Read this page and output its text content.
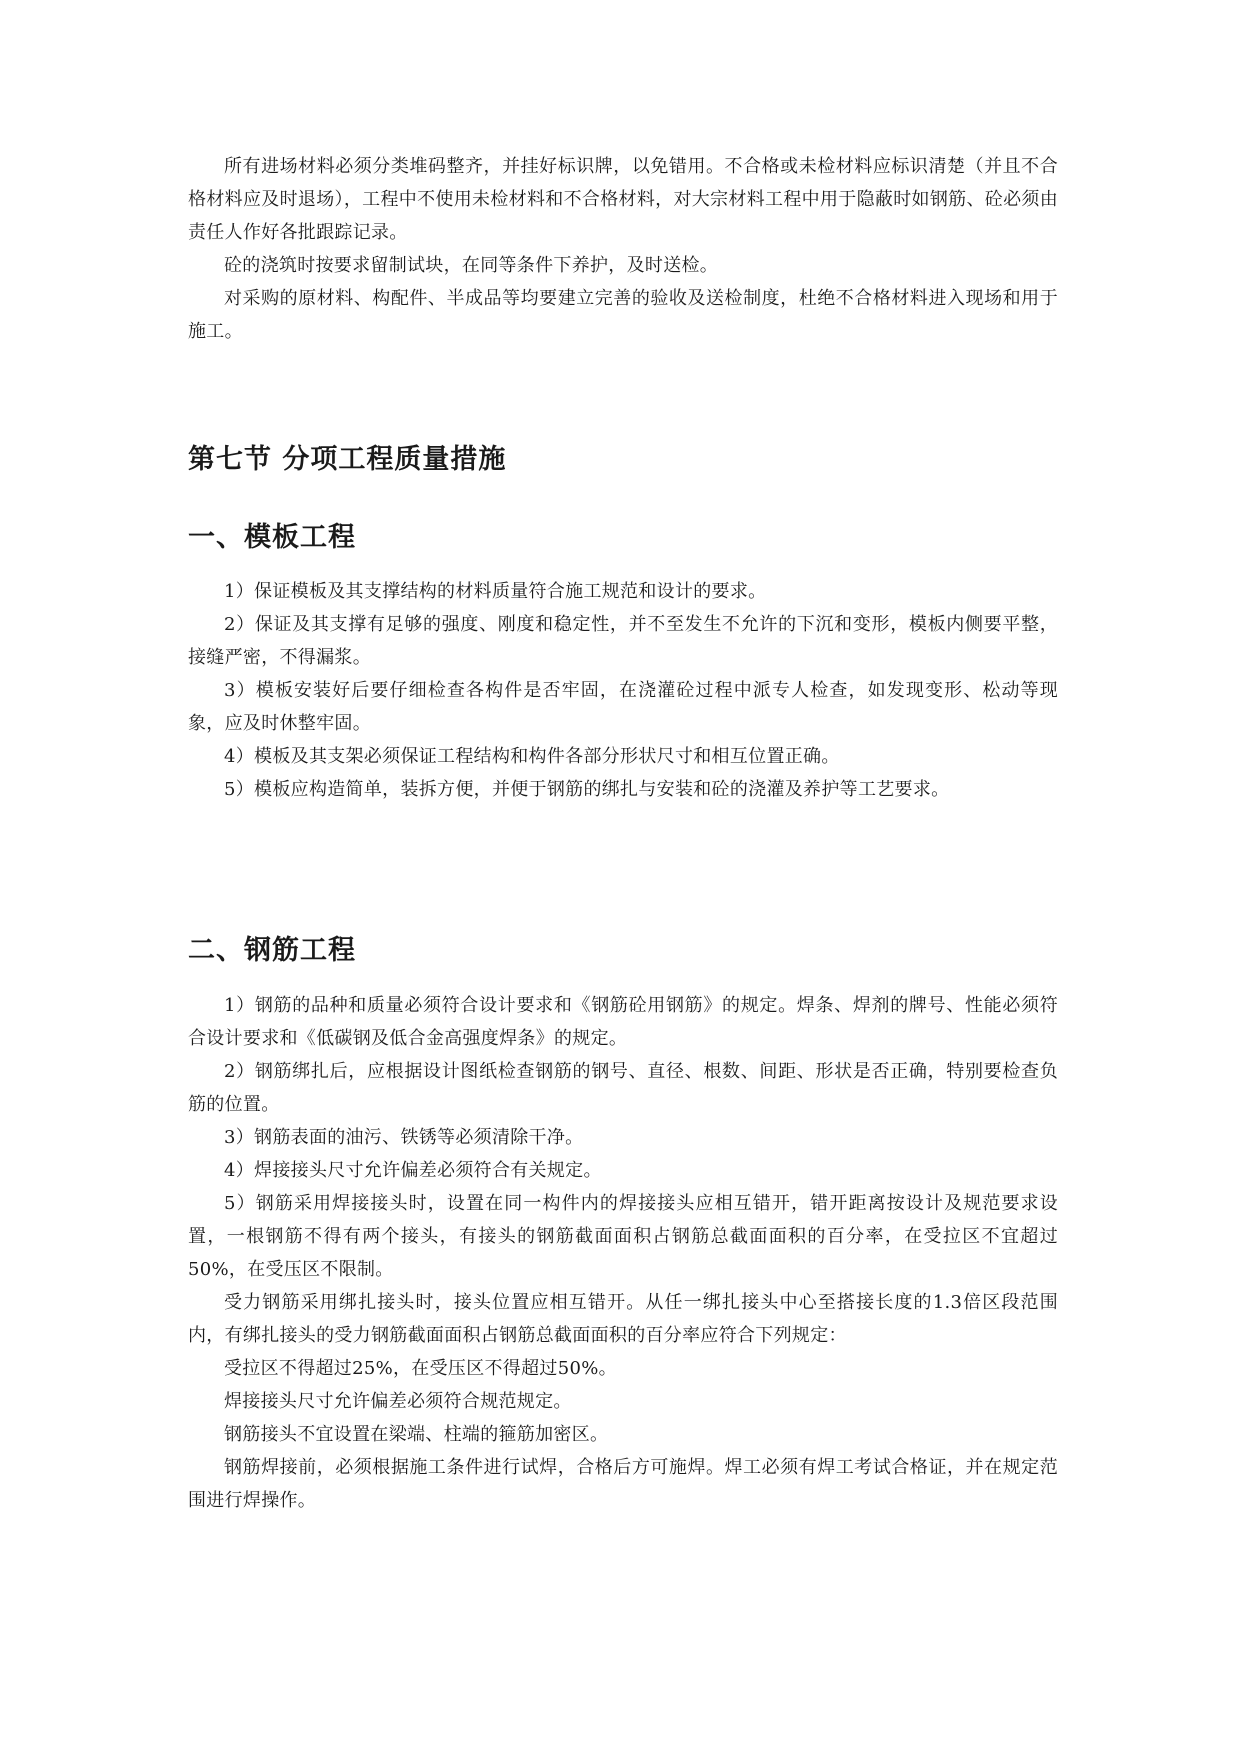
所有进场材料必须分类堆码整齐，并挂好标识牌，以免错用。不合格或未检材料应标识清楚（并且不合格材料应及时退场），工程中不使用未检材料和不合格材料，对大宗材料工程中用于隐蔽时如钢筋、砼必须由责任人作好各批跟踪记录。

砼的浇筑时按要求留制试块，在同等条件下养护，及时送检。

对采购的原材料、构配件、半成品等均要建立完善的验收及送检制度，杜绝不合格材料进入现场和用于施工。

第七节 分项工程质量措施
一、模板工程

1）保证模板及其支撑结构的材料质量符合施工规范和设计的要求。

2）保证及其支撑有足够的强度、刚度和稳定性，并不至发生不允许的下沉和变形，模板内侧要平整，接缝严密，不得漏浆。

3）模板安装好后要仔细检查各构件是否牢固，在浇灌砼过程中派专人检查，如发现变形、松动等现象，应及时休整牢固。

4）模板及其支架必须保证工程结构和构件各部分形状尺寸和相互位置正确。

5）模板应构造简单，装拆方便，并便于钢筋的绑扎与安装和砼的浇灌及养护等工艺要求。

二、钢筋工程

1）钢筋的品种和质量必须符合设计要求和《钢筋砼用钢筋》的规定。焊条、焊剂的牌号、性能必须符合设计要求和《低碳钢及低合金高强度焊条》的规定。

2）钢筋绑扎后，应根据设计图纸检查钢筋的钢号、直径、根数、间距、形状是否正确，特别要检查负筋的位置。

3）钢筋表面的油污、铁锈等必须清除干净。

4）焊接接头尺寸允许偏差必须符合有关规定。

5）钢筋采用焊接接头时，设置在同一构件内的焊接接头应相互错开，错开距离按设计及规范要求设置，一根钢筋不得有两个接头，有接头的钢筋截面面积占钢筋总截面面积的百分率，在受拉区不宜超过50%，在受压区不限制。

受力钢筋采用绑扎接头时，接头位置应相互错开。从任一绑扎接头中心至搭接长度的1.3倍区段范围内，有绑扎接头的受力钢筋截面面积占钢筋总截面面积的百分率应符合下列规定：

受拉区不得超过25%，在受压区不得超过50%。

焊接接头尺寸允许偏差必须符合规范规定。

钢筋接头不宜设置在梁端、柱端的箍筋加密区。

钢筋焊接前，必须根据施工条件进行试焊，合格后方可施焊。焊工必须有焊工考试合格证，并在规定范围进行焊操作。
